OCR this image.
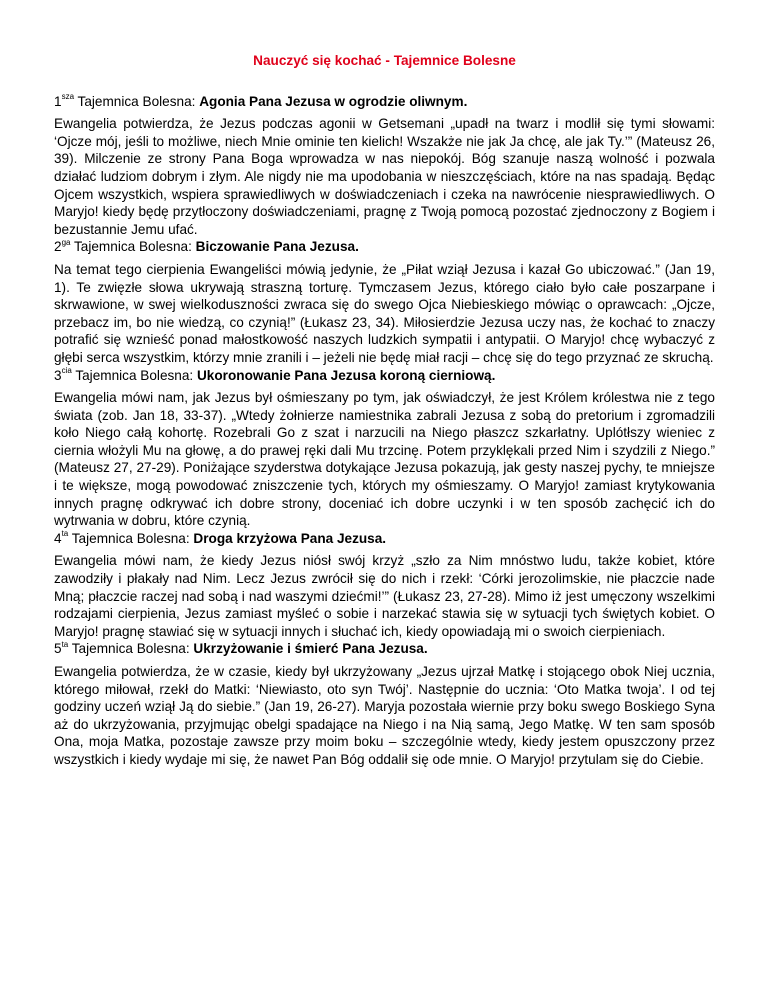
Nauczyć się kochać - Tajemnice Bolesne
$1^{sza}$ Tajemnica Bolesna: Agonia Pana Jezusa w ogrodzie oliwnym.

Ewangelia potwierdza, że Jezus podczas agonii w Getsemani „upadł na twarz i modlił się tymi słowami: ‘Ojcze mój, jeśli to możliwe, niech Mnie ominie ten kielich! Wszakże nie jak Ja chcę, ale jak Ty.’” (Mateusz 26, 39). Milczenie ze strony Pana Boga wprowadza w nas niepokój. Bóg szanuje naszą wolność i pozwala działać ludziom dobrym i złym. Ale nigdy nie ma upodobania w nieszczęściach, które na nas spadają. Będąc Ojcem wszystkich, wspiera sprawiedliwych w doświadczeniach i czeka na nawrócenie niesprawiedliwych. O Maryjo! kiedy będę przytłoczony doświadczeniami, pragnę z Twoją pomocą pozostać zjednoczony z Bogiem i bezustannie Jemu ufać.

$2^{ga}$ Tajemnica Bolesna: Biczowanie Pana Jezusa.

Na temat tego cierpienia Ewangeliści mówią jedynie, że „Piłat wziął Jezusa i kazał Go ubiczować.” (Jan 19, 1). Te zwięzłe słowa ukrywają straszną torturę. Tymczasem Jezus, którego ciało było całe poszarpane i skrwawione, w swej wielkoduszności zwraca się do swego Ojca Niebieskiego mówiąc o oprawcach: „Ojcze, przebacz im, bo nie wiedzą, co czynią!” (Łukasz 23, 34). Miłosierdzie Jezusa uczy nas, że kochać to znaczy potrafić się wznieść ponad małostkowość naszych ludzkich sympatii i antypatii. O Maryjo! chcę wybaczyć z głębi serca wszystkim, którzy mnie zranili i – jeżeli nie będę miał racji – chcę się do tego przyznać ze skruchą.

$3^{cia}$ Tajemnica Bolesna: Ukoronowanie Pana Jezusa koroną cierniową.

Ewangelia mówi nam, jak Jezus był ośmieszany po tym, jak oświadczył, że jest Królem królestwa nie z tego świata (zob. Jan 18, 33-37). „Wtedy żołnierze namiestnika zabrali Jezusa z sobą do pretorium i zgromadzili koło Niego całą kohortę. Rozebrali Go z szat i narzucili na Niego płaszcz szkarłatny. Uplótłszy wieniec z ciernia włożyli Mu na głowę, a do prawej ręki dali Mu trzcinę. Potem przyklękali przed Nim i szydzili z Niego.” (Mateusz 27, 27-29). Poniżające szyderstwa dotykające Jezusa pokazują, jak gesty naszej pychy, te mniejsze i te większe, mogą powodować zniszczenie tych, których my ośmieszamy. O Maryjo! zamiast krytykowania innych pragnę odkrywać ich dobre strony, doceniać ich dobre uczynki i w ten sposób zachęcić ich do wytrwania w dobru, które czynią.

$4^{ta}$ Tajemnica Bolesna: Droga krzyżowa Pana Jezusa.

Ewangelia mówi nam, że kiedy Jezus niósł swój krzyż „szło za Nim mnóstwo ludu, także kobiet, które zawodziły i płakały nad Nim. Lecz Jezus zwrócił się do nich i rzekł: ‘Córki jerozolimskie, nie płaczcie nade Mną; płaczcie raczej nad sobą i nad waszymi dziećmi!’” (Łukasz 23, 27-28). Mimo iż jest umęczony wszelkimi rodzajami cierpienia, Jezus zamiast myśleć o sobie i narzekać stawia się w sytuacji tych świętych kobiet. O Maryjo! pragnę stawiać się w sytuacji innych i słuchać ich, kiedy opowiadają mi o swoich cierpieniach.

$5^{ta}$ Tajemnica Bolesna: Ukrzyżowanie i śmierć Pana Jezusa.

Ewangelia potwierdza, że w czasie, kiedy był ukrzyżowany „Jezus ujrzał Matkę i stojącego obok Niej ucznia, którego miłował, rzekł do Matki: ‘Niewiasto, oto syn Twój’. Następnie do ucznia: ‘Oto Matka twoja’. I od tej godziny uczeń wziął Ją do siebie.” (Jan 19, 26-27). Maryja pozostała wiernie przy boku swego Boskiego Syna aż do ukrzyżowania, przyjmując obelgi spadające na Niego i na Nią samą, Jego Matkę. W ten sam sposób Ona, moja Matka, pozostaje zawsze przy moim boku – szczególnie wtedy, kiedy jestem opuszczony przez wszystkich i kiedy wydaje mi się, że nawet Pan Bóg oddalił się ode mnie. O Maryjo! przytulam się do Ciebie.
